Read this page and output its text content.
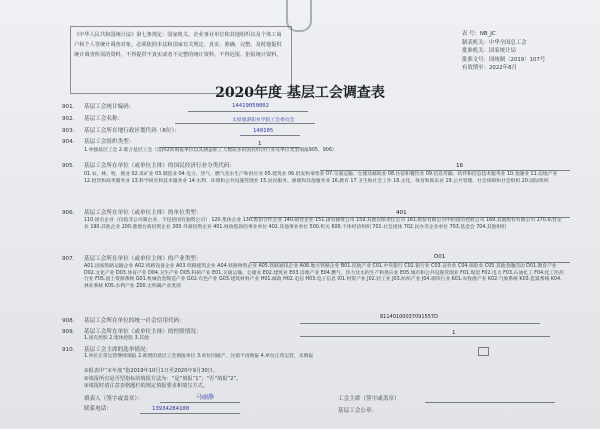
《中华人民共和国统计法》第七条规定：国家机关、企业事业单位和其他组织以及个体工商户和个人等统计调查对象，必须依照本法和国家有关规定，真实、准确、完整、及时地提供统计调查所需的资料，不得提供不真实或者不完整的统计资料，不得迟报、拒报统计资料。
表 号：NB_JC
制表机关：中华全国总工会
批准机关：国家统计局
批准文号：国统制〔2019〕107号
有效期至：2022年8月
2020年度 基层工会调查表
901. 基层工会统计编码：	14419050002
902. 基层工会名称：	太原旅游职业学院工会委员会
903. 基层工会所在地行政区划代码（6位）：	140105
904. 基层工会组织类型：	1
1.单独基层工会 2.联合基层工会（选择2的填报单位以其涵盖职工人数较多的国民经济行业及单位类型填报905、906）
905. 基层工会所在单位（或单位主体）的国民经济行业分类代码：	16
01.农、林、牧、渔业 02.采矿业 03.制造业 04.电力、热气、燃气及水生产和供应业 05.建筑业 06.批发和零售业 07.交通运输、仓储及邮政业 08.住宿和餐饮业 09.信息传输、软件和信息技术服务业 10.金融业 11.房地产业 12.租赁和商务服务业 13.科学研究和技术服务业 14.水利、环境和公共设施管理业 15.居民服务、修理和其他服务业 16.教育 17.卫生和社会工作 18.文化、体育和娱乐业 19.公共管理、社会保障和社会组织 20.国际组织
906. 基层工会所在单位（或单位主体）的单位类型：	401
110.国有企业（仅指非公司制企业、不包括国有独资公司） 120.集体企业 130.股份合作企业 140.联营企业 151.国有独资公司 159.其他有限责任公司 161.股份有限公司中的国有控股公司 169.其他股份有限公司 170.私营企业 190.其他企业 200.港澳台商投资企业 300.外商投资企业 401.财政拨款的事业单位 402.其他事业单位 500.机关 600.个体经济组织 701.社会团体 702.民办非企业单位 703.基金会 704.其他组织
907. 基层工会所在单位（或单位主体）的产业类型：	D01
A01.国家铁路运输企业 A02.铁路设备企业 A03.铁路建筑企业 A04.铁路物资企业 A05.铁路通讯企业 A06.地方铁路企业 B01.民航产业 C01.中央银行 C02.银行业 C03.证券业 C04.保险业 C05.其他金融活动 D01.教育产业 D02.文化产业 D03.体育产业 D04.卫生产业 D05.科研产业 E01.交通运输、仓储业 E02.建筑业 E03.房地产业 E04.燃气、热力及水的生产和供应业 E05.城市和公共设施管理业 F01.煤炭 F02.电力 F03.石油化工 F04.化工医药行业 F05.国土资源系统 G01.机械冶金制造产业 G02.有色产业 G03.建筑材料产业 H01.邮政 H02.电信 H03.电子信息 I01.财贸产业 J02.轻工业 J03.纺织产业 J04.烟草行业 K01.农牧渔产业 K02.气象系统 K03.监狱系统 K04.林业系统 K05.水利产业 Z00.无明确产业类别
908. 基层工会所在单位的统一社会信用代码：
81140100037091557D
909. 基层工会所在单位（或单位主体）的控股情况：	1
1.国有控股 2.集体控股 3.其他
910. 基层工会主席的选举情况：
1.单位正常运营继续填报 2.新增的基层工会填报单位 3.单位因破产、注销不再填报 4.单位正常运营，未填报
①报表中“本年度”指2019年10月1日至2020年9月30日。
②填报所有是否型指标的填报方法为：“是”填报“1”；“否”填报“2”。
③填报时请注意表格题栏的规定填报要求和填写方式。
填表人（签字或盖章）：	马丽静
联系电话：	13934284100
工会主席（签字或盖章）
基层工会公章：
